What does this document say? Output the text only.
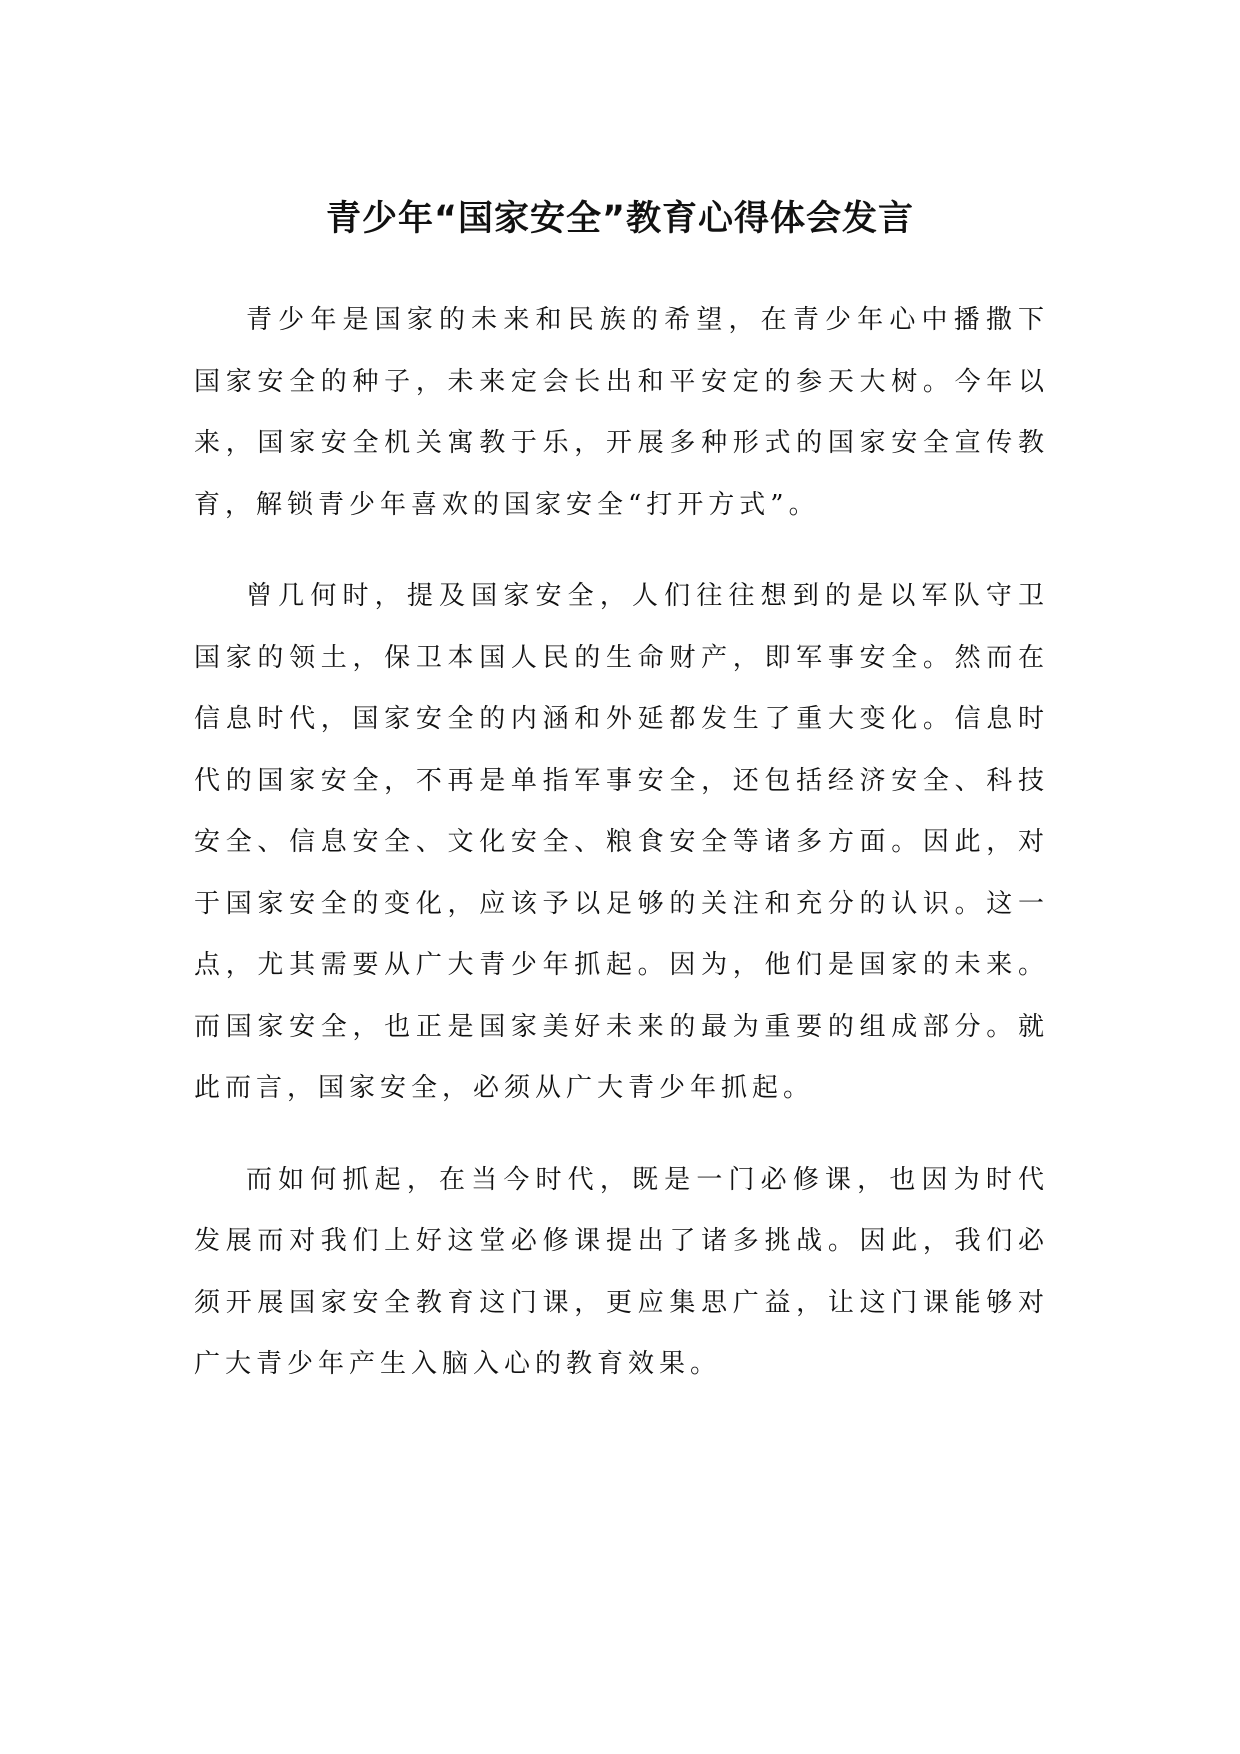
青少年“国家安全”教育心得体会发言

青少年是国家的未来和民族的希望，在青少年心中播撒下国家安全的种子，未来定会长出和平安定的参天大树。今年以来，国家安全机关寓教于乐，开展多种形式的国家安全宣传教育，解锁青少年喜欢的国家安全“打开方式”。

曾几何时，提及国家安全，人们往往想到的是以军队守卫国家的领土，保卫本国人民的生命财产，即军事安全。然而在信息时代，国家安全的内涵和外延都发生了重大变化。信息时代的国家安全，不再是单指军事安全，还包括经济安全、科技安全、信息安全、文化安全、粮食安全等诸多方面。因此，对于国家安全的变化，应该予以足够的关注和充分的认识。这一点，尤其需要从广大青少年抓起。因为，他们是国家的未来。而国家安全，也正是国家美好未来的最为重要的组成部分。就此而言，国家安全，必须从广大青少年抓起。

而如何抓起，在当今时代，既是一门必修课，也因为时代发展而对我们上好这堂必修课提出了诸多挑战。因此，我们必须开展国家安全教育这门课，更应集思广益，让这门课能够对广大青少年产生入脑入心的教育效果。
